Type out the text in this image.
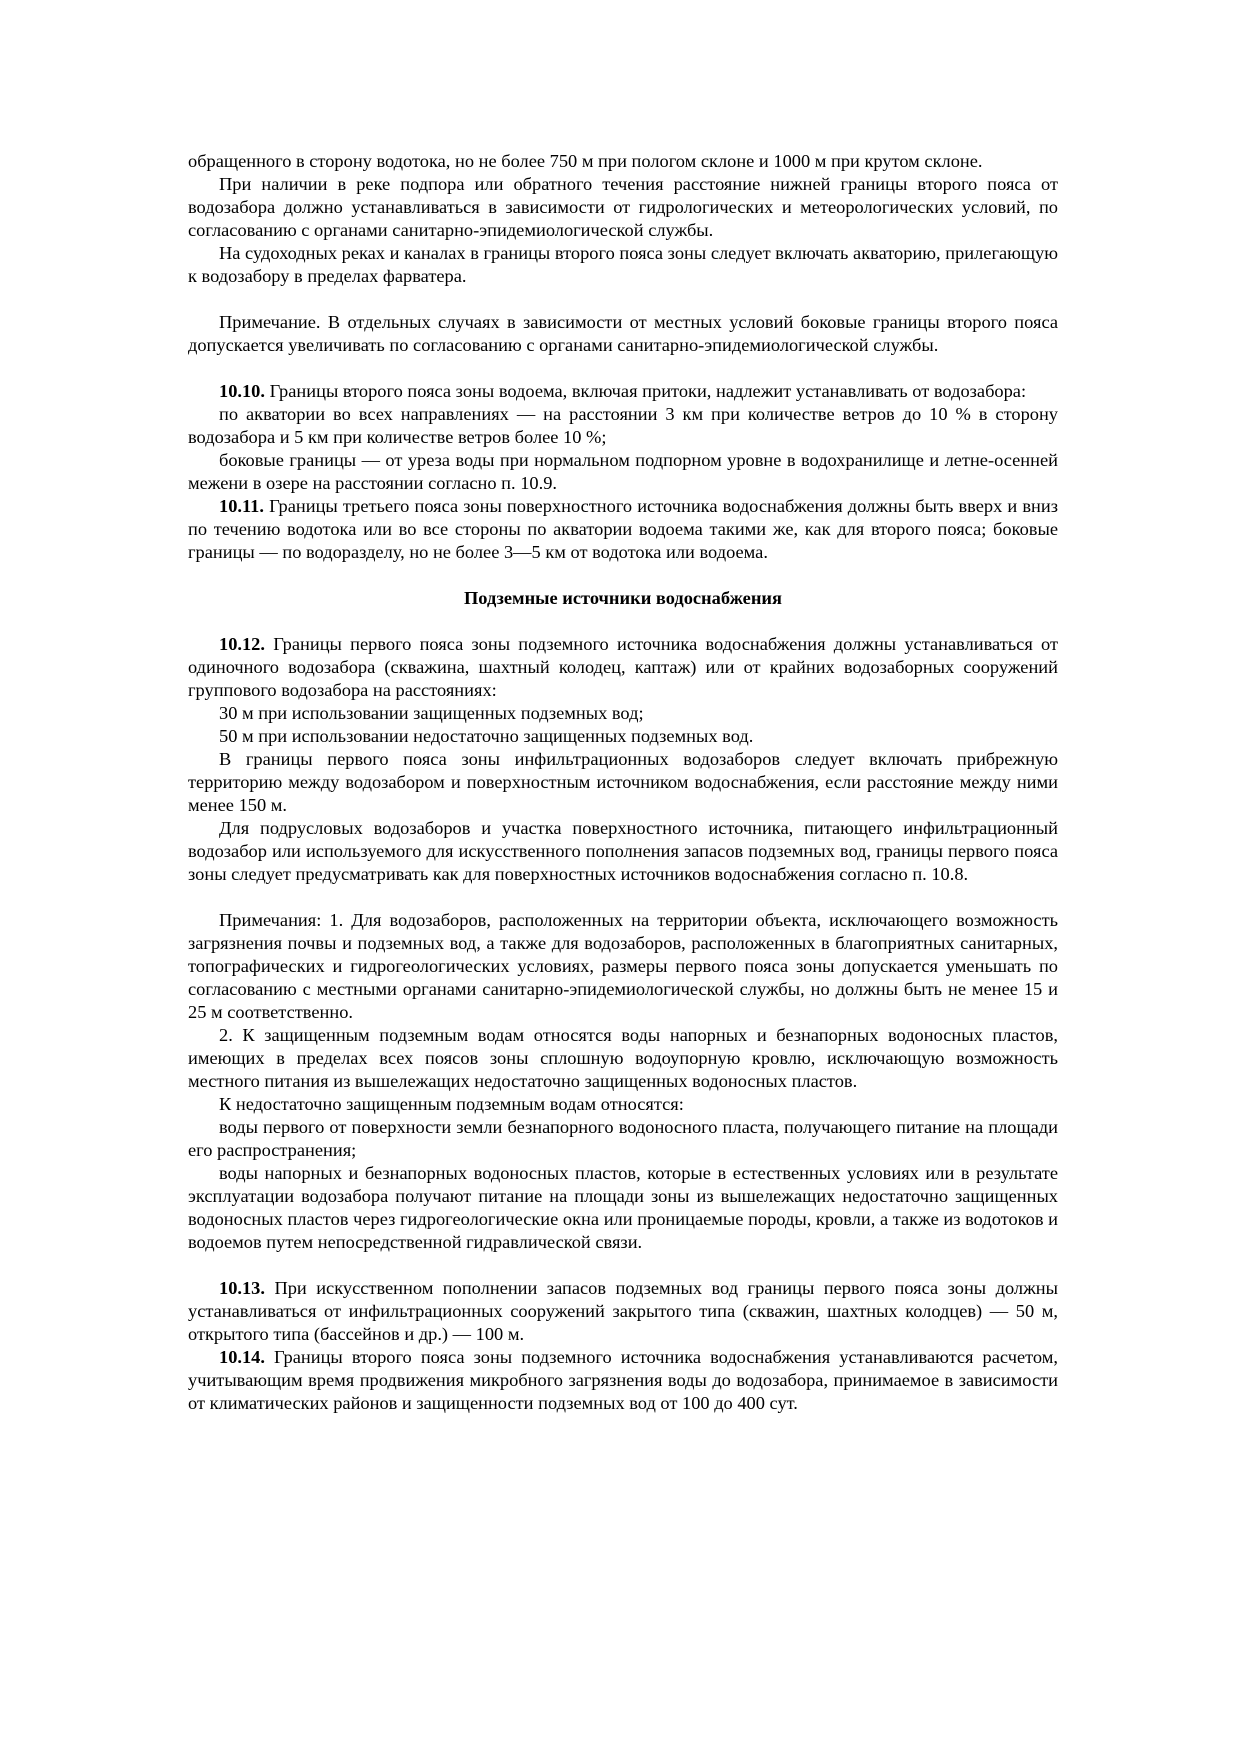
обращенного в сторону водотока, но не более 750 м при пологом склоне и 1000 м при крутом склоне.

При наличии в реке подпора или обратного течения расстояние нижней границы второго пояса от водозабора должно устанавливаться в зависимости от гидрологических и метеорологических условий, по согласованию с органами санитарно-эпидемиологической службы.

На судоходных реках и каналах в границы второго пояса зоны следует включать акваторию, прилегающую к водозабору в пределах фарватера.

Примечание. В отдельных случаях в зависимости от местных условий боковые границы второго пояса допускается увеличивать по согласованию с органами санитарно-эпидемиологической службы.

10.10. Границы второго пояса зоны водоема, включая притоки, надлежит устанавливать от водозабора:

по акватории во всех направлениях — на расстоянии 3 км при количестве ветров до 10 % в сторону водозабора и 5 км при количестве ветров более 10 %;

боковые границы — от уреза воды при нормальном подпорном уровне в водохранилище и летне-осенней межени в озере на расстоянии согласно п. 10.9.

10.11. Границы третьего пояса зоны поверхностного источника водоснабжения должны быть вверх и вниз по течению водотока или во все стороны по акватории водоема такими же, как для второго пояса; боковые границы — по водоразделу, но не более 3—5 км от водотока или водоема.

Подземные источники водоснабжения

10.12. Границы первого пояса зоны подземного источника водоснабжения должны устанавливаться от одиночного водозабора (скважина, шахтный колодец, каптаж) или от крайних водозаборных сооружений группового водозабора на расстояниях:

30 м при использовании защищенных подземных вод;

50 м при использовании недостаточно защищенных подземных вод.

В границы первого пояса зоны инфильтрационных водозаборов следует включать прибрежную территорию между водозабором и поверхностным источником водоснабжения, если расстояние между ними менее 150 м.

Для подрусловых водозаборов и участка поверхностного источника, питающего инфильтрационный водозабор или используемого для искусственного пополнения запасов подземных вод, границы первого пояса зоны следует предусматривать как для поверхностных источников водоснабжения согласно п. 10.8.

Примечания: 1. Для водозаборов, расположенных на территории объекта, исключающего возможность загрязнения почвы и подземных вод, а также для водозаборов, расположенных в благоприятных санитарных, топографических и гидрогеологических условиях, размеры первого пояса зоны допускается уменьшать по согласованию с местными органами санитарно-эпидемиологической службы, но должны быть не менее 15 и 25 м соответственно.

2. К защищенным подземным водам относятся воды напорных и безнапорных водоносных пластов, имеющих в пределах всех поясов зоны сплошную водоупорную кровлю, исключающую возможность местного питания из вышележащих недостаточно защищенных водоносных пластов.

К недостаточно защищенным подземным водам относятся:

воды первого от поверхности земли безнапорного водоносного пласта, получающего питание на площади его распространения;

воды напорных и безнапорных водоносных пластов, которые в естественных условиях или в результате эксплуатации водозабора получают питание на площади зоны из вышележащих недостаточно защищенных водоносных пластов через гидрогеологические окна или проницаемые породы, кровли, а также из водотоков и водоемов путем непосредственной гидравлической связи.

10.13. При искусственном пополнении запасов подземных вод границы первого пояса зоны должны устанавливаться от инфильтрационных сооружений закрытого типа (скважин, шахтных колодцев) — 50 м, открытого типа (бассейнов и др.) — 100 м.

10.14. Границы второго пояса зоны подземного источника водоснабжения устанавливаются расчетом, учитывающим время продвижения микробного загрязнения воды до водозабора, принимаемое в зависимости от климатических районов и защищенности подземных вод от 100 до 400 сут.
